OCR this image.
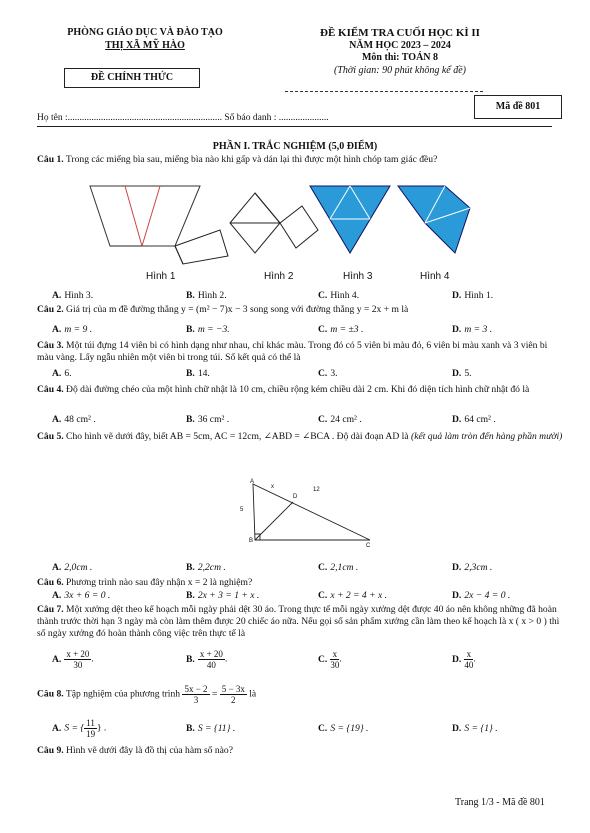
PHÒNG GIÁO DỤC VÀ ĐÀO TẠO
THỊ XÃ MỸ HÀO
ĐỀ CHÍNH THỨC
ĐỀ KIỂM TRA CUỐI HỌC KÌ II
NĂM HỌC 2023 – 2024
Môn thi: TOÁN 8
(Thời gian: 90 phút không kể đề)
Mã đề 801
Họ tên :................................................................. Số báo danh : .....................
PHẦN I. TRẮC NGHIỆM (5,0 ĐIỂM)
Câu 1. Trong các miếng bìa sau, miếng bìa nào khi gấp và dán lại thì được một hình chóp tam giác đều?
Hình 1	Hình 2	Hình 3	Hình 4
A. Hình 3.	B. Hình 2.	C. Hình 4.	D. Hình 1.
Câu 2. Giá trị của m đề đường thẳng y = (m² − 7)x − 3 song song với đường thẳng y = 2x + m là
A. m = 9 .	B. m = −3.	C. m = ±3 .	D. m = 3 .
Câu 3. Một túi đựng 14 viên bi có hình dạng như nhau, chỉ khác màu. Trong đó có 5 viên bi màu đỏ, 6 viên bi màu xanh và 3 viên bi màu vàng. Lấy ngẫu nhiên một viên bi trong túi. Số kết quả có thể là
A. 6.	B. 14.	C. 3.	D. 5.
Câu 4. Độ dài đường chéo của một hình chữ nhật là 10 cm, chiều rộng kém chiều dài 2 cm. Khi đó diện tích hình chữ nhật đó là
A. 48 cm² .	B. 36 cm² .	C. 24 cm² .	D. 64 cm² .
Câu 5. Cho hình vẽ dưới đây, biết AB = 5cm, AC = 12cm, ∠ABD = ∠BCA . Độ dài đoạn AD là (kết quả làm tròn đến hàng phần mười)
A
x	12
D
5
B
C
A. 2,0cm .	B. 2,2cm .	C. 2,1cm .	D. 2,3cm .
Câu 6. Phương trình nào sau đây nhận x = 2 là nghiệm?
A. 3x + 6 = 0 .	B. 2x + 3 = 1 + x .	C. x + 2 = 4 + x .	D. 2x − 4 = 0 .
Câu 7. Một xưởng dệt theo kế hoạch mỗi ngày phải dệt 30 áo. Trong thực tế mỗi ngày xưởng dệt được 40 áo nên không những đã hoàn thành trước thời hạn 3 ngày mà còn làm thêm được 20 chiếc áo nữa. Nếu gọi số sản phẩm xưởng cần làm theo kế hoạch là x ( x > 0 ) thì số ngày xưởng đó hoàn thành công việc trên thực tế là
A. $\frac{x + 20}{30}$ .	B. $\frac{x + 20}{40}$ .	C. $\frac{x}{30}$ .	D. $\frac{x}{40}$ .
Câu 8. Tập nghiệm của phương trình $\frac{5x - 2}{3} = \frac{5 - 3x}{2}$ là
A. S = { $\frac{11}{19}$ } .	B. S = {11} .	C. S = {19} .	D. S = {1} .
Câu 9. Hình vẽ dưới đây là đồ thị của hàm số nào?
Trang 1/3 - Mã đề 801
